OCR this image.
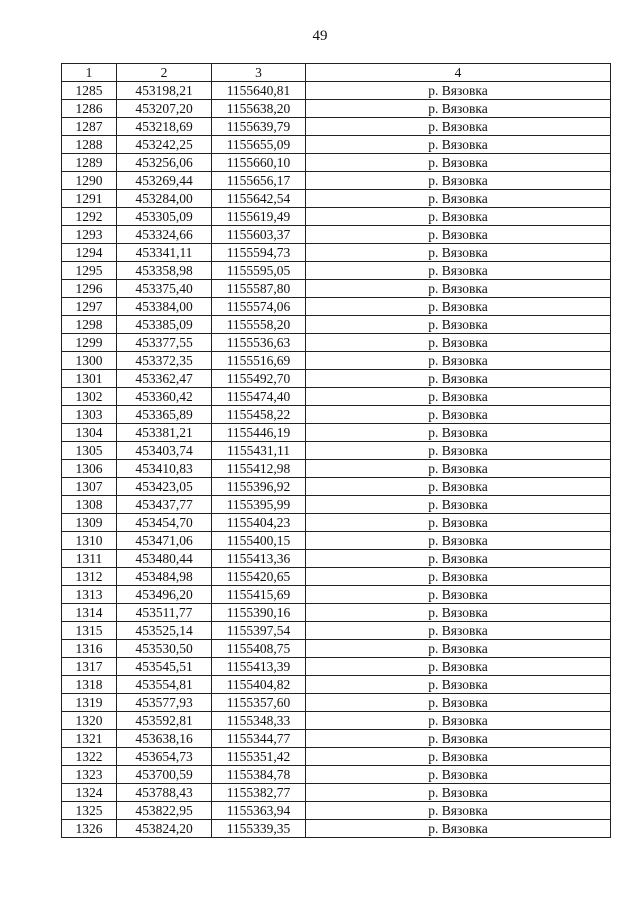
49
1	2	3	4
1285	453198,21	1155640,81	р. Вязовка
1286	453207,20	1155638,20	р. Вязовка
1287	453218,69	1155639,79	р. Вязовка
1288	453242,25	1155655,09	р. Вязовка
1289	453256,06	1155660,10	р. Вязовка
1290	453269,44	1155656,17	р. Вязовка
1291	453284,00	1155642,54	р. Вязовка
1292	453305,09	1155619,49	р. Вязовка
1293	453324,66	1155603,37	р. Вязовка
1294	453341,11	1155594,73	р. Вязовка
1295	453358,98	1155595,05	р. Вязовка
1296	453375,40	1155587,80	р. Вязовка
1297	453384,00	1155574,06	р. Вязовка
1298	453385,09	1155558,20	р. Вязовка
1299	453377,55	1155536,63	р. Вязовка
1300	453372,35	1155516,69	р. Вязовка
1301	453362,47	1155492,70	р. Вязовка
1302	453360,42	1155474,40	р. Вязовка
1303	453365,89	1155458,22	р. Вязовка
1304	453381,21	1155446,19	р. Вязовка
1305	453403,74	1155431,11	р. Вязовка
1306	453410,83	1155412,98	р. Вязовка
1307	453423,05	1155396,92	р. Вязовка
1308	453437,77	1155395,99	р. Вязовка
1309	453454,70	1155404,23	р. Вязовка
1310	453471,06	1155400,15	р. Вязовка
1311	453480,44	1155413,36	р. Вязовка
1312	453484,98	1155420,65	р. Вязовка
1313	453496,20	1155415,69	р. Вязовка
1314	453511,77	1155390,16	р. Вязовка
1315	453525,14	1155397,54	р. Вязовка
1316	453530,50	1155408,75	р. Вязовка
1317	453545,51	1155413,39	р. Вязовка
1318	453554,81	1155404,82	р. Вязовка
1319	453577,93	1155357,60	р. Вязовка
1320	453592,81	1155348,33	р. Вязовка
1321	453638,16	1155344,77	р. Вязовка
1322	453654,73	1155351,42	р. Вязовка
1323	453700,59	1155384,78	р. Вязовка
1324	453788,43	1155382,77	р. Вязовка
1325	453822,95	1155363,94	р. Вязовка
1326	453824,20	1155339,35	р. Вязовка
